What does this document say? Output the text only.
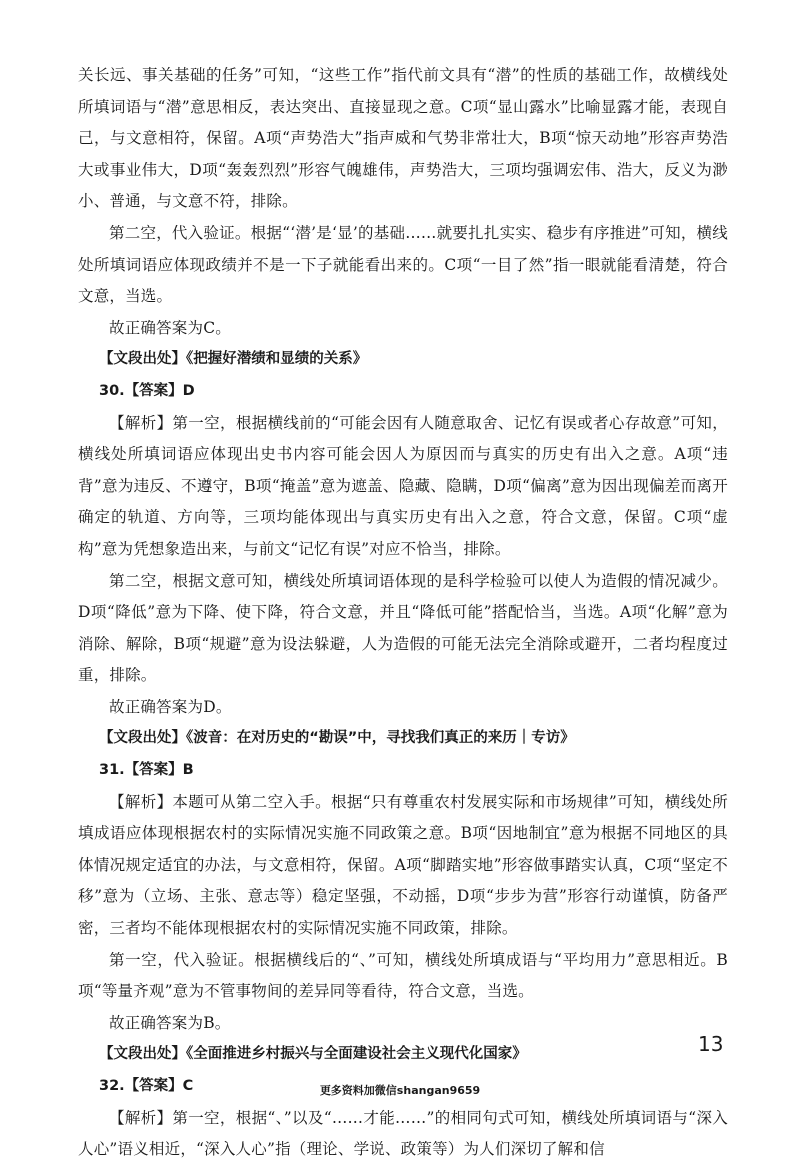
关长远、事关基础的任务”可知，“这些工作”指代前文具有“潜”的性质的基础工作，故横线处所填词语与“潜”意思相反，表达突出、直接显现之意。C项“显山露水”比喻显露才能，表现自己，与文意相符，保留。A项“声势浩大”指声威和气势非常壮大，B项“惊天动地”形容声势浩大或事业伟大，D项“轰轰烈烈”形容气魄雄伟，声势浩大，三项均强调宏伟、浩大，反义为渺小、普通，与文意不符，排除。

第二空，代入验证。根据“‘潜’是‘显’的基础……就要扎扎实实、稳步有序推进”可知，横线处所填词语应体现政绩并不是一下子就能看出来的。C项“一目了然”指一眼就能看清楚，符合文意，当选。

故正确答案为C。

【文段出处】《把握好潜绩和显绩的关系》

30.【答案】D

【解析】第一空，根据横线前的“可能会因有人随意取舍、记忆有误或者心存故意”可知，横线处所填词语应体现出史书内容可能会因人为原因而与真实的历史有出入之意。A项“违背”意为违反、不遵守，B项“掩盖”意为遮盖、隐藏、隐瞒，D项“偏离”意为因出现偏差而离开确定的轨道、方向等，三项均能体现出与真实历史有出入之意，符合文意，保留。C项“虚构”意为凭想象造出来，与前文“记忆有误”对应不恰当，排除。

第二空，根据文意可知，横线处所填词语体现的是科学检验可以使人为造假的情况减少。D项“降低”意为下降、使下降，符合文意，并且“降低可能”搭配恰当，当选。A项“化解”意为消除、解除，B项“规避”意为设法躲避，人为造假的可能无法完全消除或避开，二者均程度过重，排除。

故正确答案为D。

【文段出处】《波音：在对历史的“勘误”中，寻找我们真正的来历｜专访》

31.【答案】B

【解析】本题可从第二空入手。根据“只有尊重农村发展实际和市场规律”可知，横线处所填成语应体现根据农村的实际情况实施不同政策之意。B项“因地制宜”意为根据不同地区的具体情况规定适宜的办法，与文意相符，保留。A项“脚踏实地”形容做事踏实认真，C项“坚定不移”意为（立场、主张、意志等）稳定坚强，不动摇，D项“步步为营”形容行动谨慎，防备严密，三者均不能体现根据农村的实际情况实施不同政策，排除。

第一空，代入验证。根据横线后的“、”可知，横线处所填成语与“平均用力”意思相近。B项“等量齐观”意为不管事物间的差异同等看待，符合文意，当选。

故正确答案为B。

【文段出处】《全面推进乡村振兴与全面建设社会主义现代化国家》

32.【答案】C

【解析】第一空，根据“、”以及“……才能……”的相同句式可知，横线处所填词语与“深入人心”语义相近，“深入人心”指（理论、学说、政策等）为人们深切了解和信

13
更多资料加微信shangan9659
